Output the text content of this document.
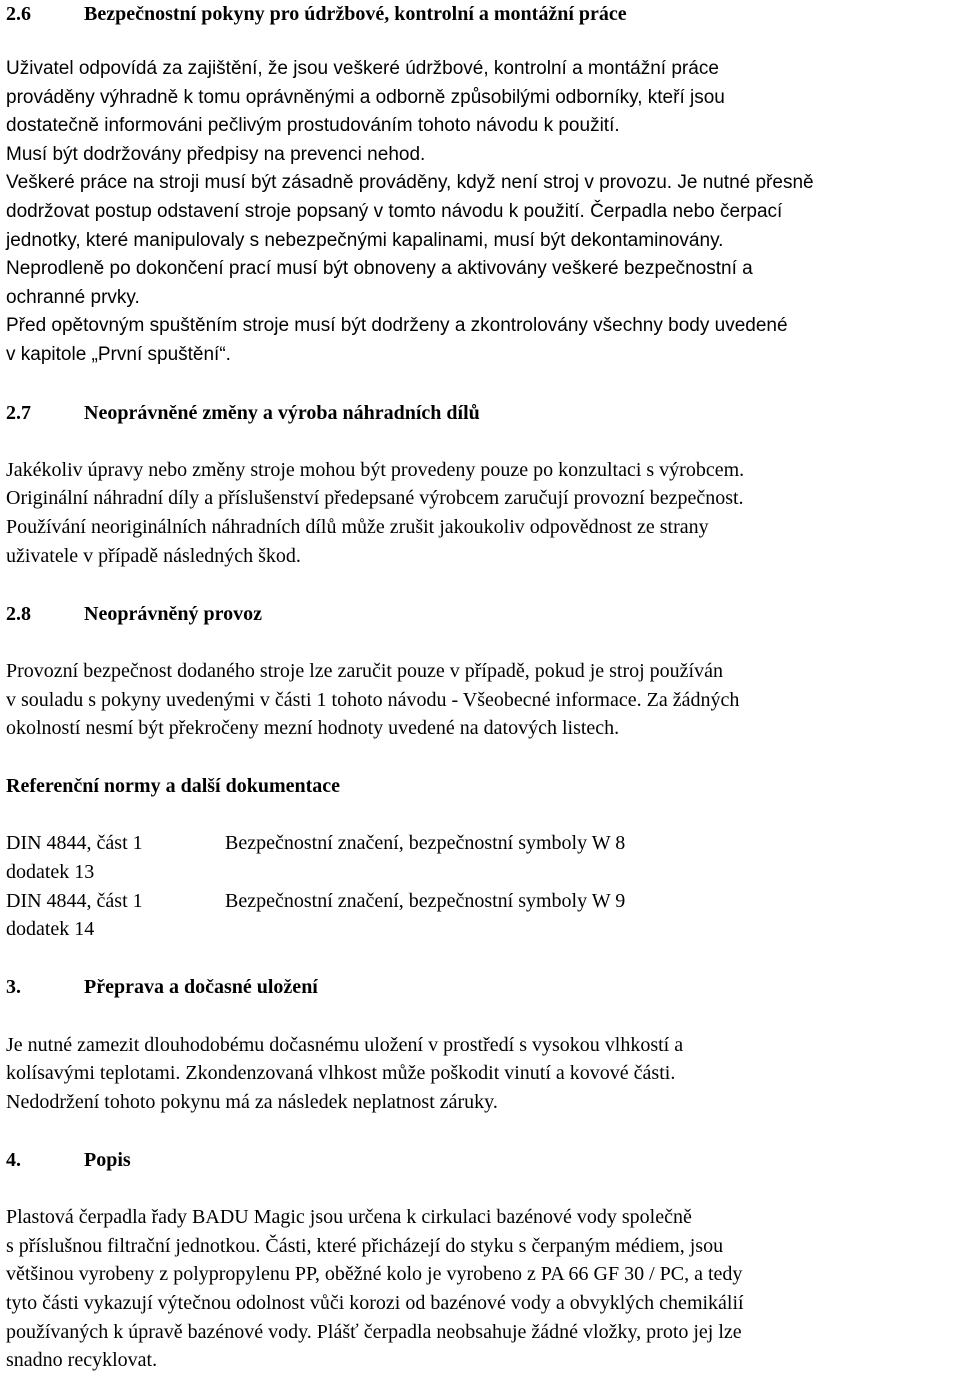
2.6	Bezpečnostní pokyny pro údržbové, kontrolní a montážní práce
Uživatel odpovídá za zajištění, že jsou veškeré údržbové, kontrolní a montážní práce
prováděny výhradně k tomu oprávněnými a odborně způsobilými odborníky, kteří jsou
dostatečně informováni pečlivým prostudováním tohoto návodu k použití.
Musí být dodržovány předpisy na prevenci nehod.
Veškeré práce na stroji musí být zásadně prováděny, když není stroj v provozu. Je nutné přesně
dodržovat postup odstavení stroje popsaný v tomto návodu k použití. Čerpadla nebo čerpací
jednotky, které manipulovaly s nebezpečnými kapalinami, musí být dekontaminovány.
Neprodleně po dokončení prací musí být obnoveny a aktivovány veškeré bezpečnostní a
ochranné prvky.
Před opětovným spuštěním stroje musí být dodrženy a zkontrolovány všechny body uvedené
v kapitole „První spuštění“.
2.7	Neoprávněné změny a výroba náhradních dílů
Jakékoliv úpravy nebo změny stroje mohou být provedeny pouze po konzultaci s výrobcem.
Originální náhradní díly a příslušenství předepsané výrobcem zaručují provozní bezpečnost.
Používání neoriginálních náhradních dílů může zrušit jakoukoliv odpovědnost ze strany
uživatele v případě následných škod.
2.8	Neoprávněný provoz
Provozní bezpečnost dodaného stroje lze zaručit pouze v případě, pokud je stroj používán
v souladu s pokyny uvedenými v části 1 tohoto návodu - Všeobecné informace. Za žádných
okolností nesmí být překročeny mezní hodnoty uvedené na datových listech.
Referenční normy a další dokumentace
DIN 4844, část 1	Bezpečnostní značení, bezpečnostní symboly W 8
dodatek 13
DIN 4844, část 1	Bezpečnostní značení, bezpečnostní symboly W 9
dodatek 14
3.	Přeprava a dočasné uložení
Je nutné zamezit dlouhodobému dočasnému uložení v prostředí s vysokou vlhkostí a
kolísavými teplotami. Zkondenzovaná vlhkost může poškodit vinutí a kovové části.
Nedodržení tohoto pokynu má za následek neplatnost záruky.
4.	Popis
Plastová čerpadla řady BADU Magic jsou určena k cirkulaci bazénové vody společně
s příslušnou filtrační jednotkou. Části, které přicházejí do styku s čerpaným médiem, jsou
většinou vyrobeny z polypropylenu PP, oběžné kolo je vyrobeno z PA 66 GF 30 / PC, a tedy
tyto části vykazují výtečnou odolnost vůči korozi od bazénové vody a obvyklých chemikálií
používaných k úpravě bazénové vody. Plášť čerpadla neobsahuje žádné vložky, proto jej lze
snadno recyklovat.
